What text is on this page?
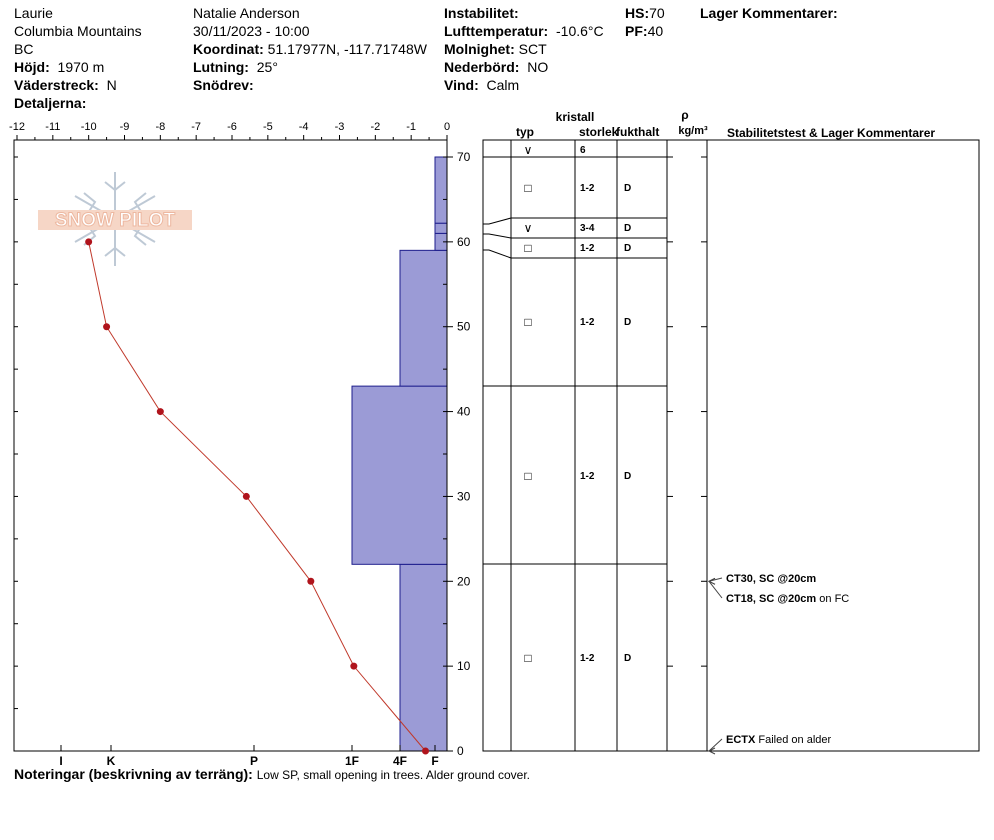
Laurie
Columbia Mountains
BC
Höjd: 1970 m
Väderstreck: N
Detaljerna:
Natalie Anderson
30/11/2023 - 10:00
Koordinat: 51.17977N, -117.71748W
Lutning: 25°
Snödrev:
Instabilitet:
Lufttemperatur: -10.6°C
Molnighet: SCT
Nederbörd: NO
Vind: Calm
HS:70
PF:40
Lager Kommentarer:
SNOW PILOT
-12 -11 -10 -9 -8 -7 -6 -5 -4 -3 -2 -1	0
0
10
20
30
40
50
60
70
I	K	P	1F	4F F
∨	6
□	1-2	D
∨	3-4	D
□	1-2	D
□	1-2	D
□	1-2	D
□	1-2	D
CT30, SC @20cm
CT18, SC @20cm on FC
ECTX Failed on alder
kristall
typ	storlek
fukthalt
ρ
kg/m³ Stabilitetstest & Lager Kommentarer
Noteringar (beskrivning av terräng): Low SP, small opening in trees. Alder ground cover.
